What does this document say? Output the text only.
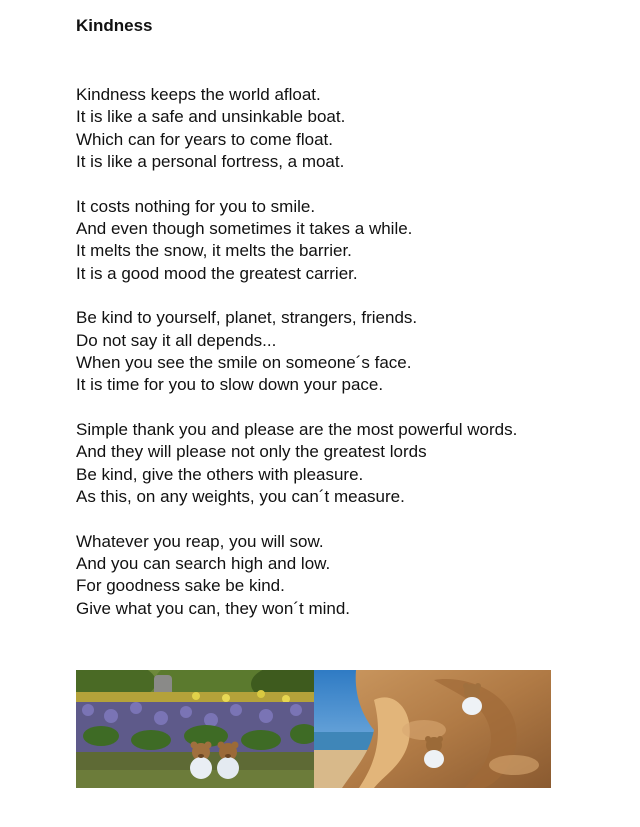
Kindness

Kindness keeps the world afloat.
It is like a safe and unsinkable boat.
Which can for years to come float.
It is like a personal fortress, a moat.

It costs nothing for you to smile.
And even though sometimes it takes a while.
It melts the snow, it melts the barrier.
It is a good mood the greatest carrier.

Be kind to yourself, planet, strangers, friends.
Do not say it all depends...
When you see the smile on someone´s face.
It is time for you to slow down your pace.

Simple thank you and please are the most powerful words.
And they will please not only the greatest lords
Be kind, give the others with pleasure.
As this, on any weights, you can´t measure.

Whatever you reap, you will sow.
And you can search high and low.
For goodness sake be kind.
Give what you can, they won´t mind.
